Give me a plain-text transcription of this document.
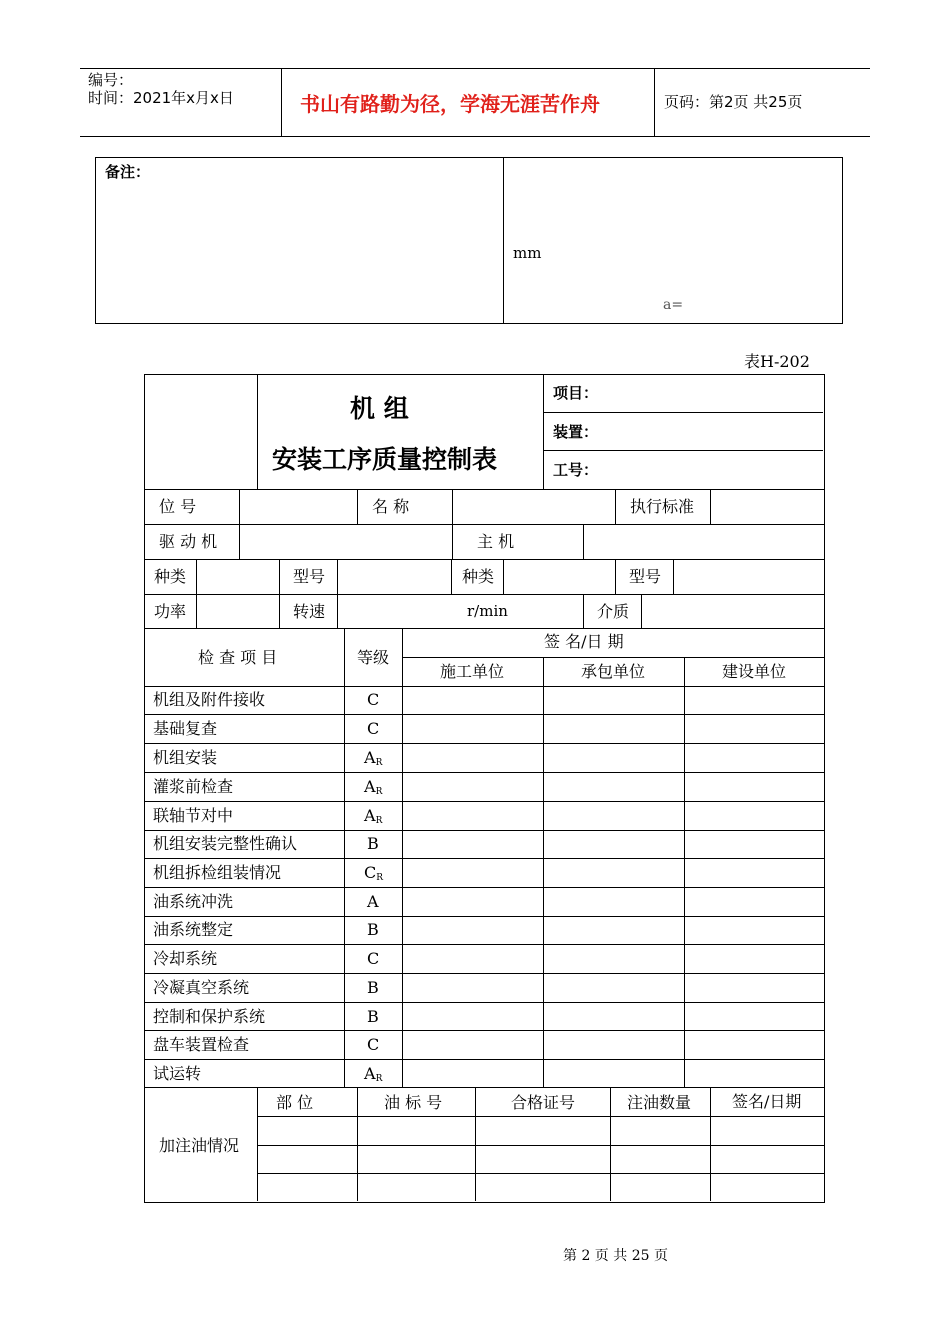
编号：
时间：2021年x月x日	书山有路勤为径，学海无涯苦作舟	页码：第2页 共25页
备注：
mm
a=
表H-202
机 组
安装工序质量控制表
项目：
装置：
工号：
位 号	名 称	执行标准
驱 动 机	主 机
种类	型号	种类	型号
功率	转速	r/min	介质
检 查 项 目	等级
签 名/日 期
施工单位	承包单位	建设单位
机组及附件接收	C
基础复查	C
机组安装	$A_R$
灌浆前检查	$A_R$
联轴节对中	$A_R$
机组安装完整性确认	B
机组拆检组装情况	$C_R$
油系统冲洗	A
油系统整定	B
冷却系统	C
冷凝真空系统	B
控制和保护系统	B
盘车装置检查	C
试运转	$A_R$
加注油情况
部 位	油 标 号	合格证号	注油数量	签名/日期
第 2 页 共 25 页
